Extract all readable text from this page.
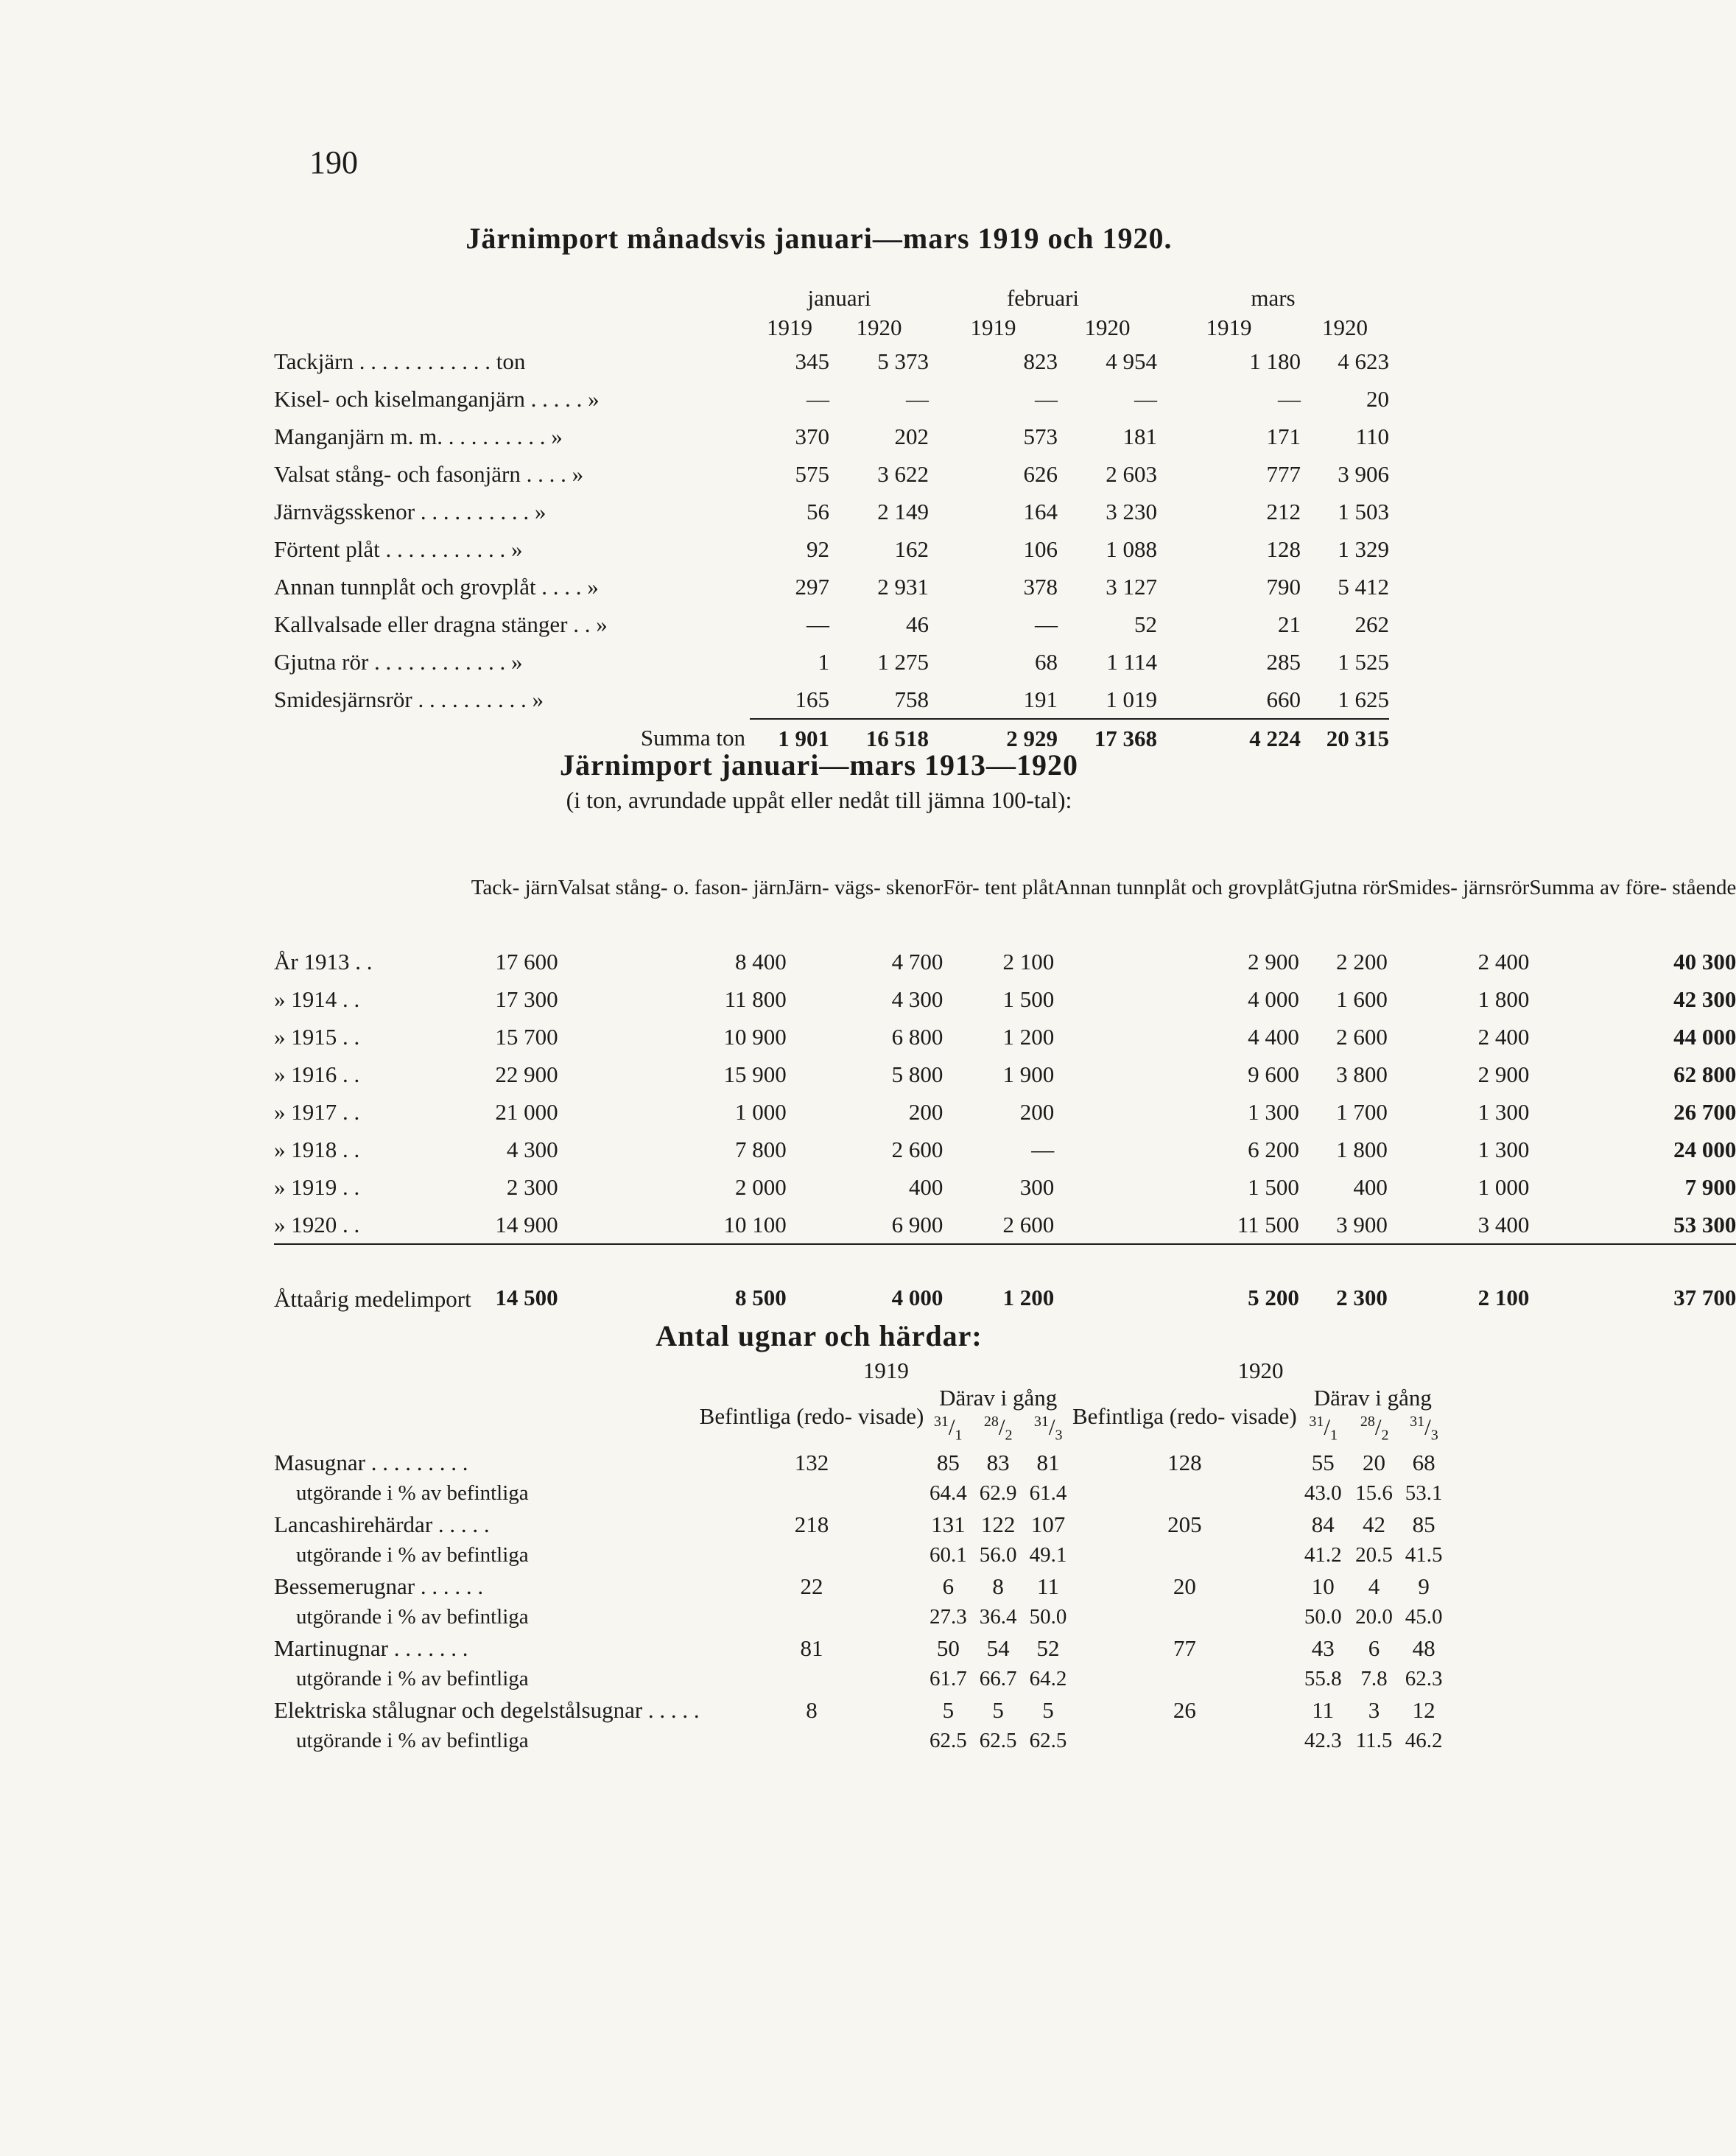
190
Järnimport månadsvis januari—mars 1919 och 1920.
	januari		februari		mars	
	1919	1920	1919	1920	1919	1920
Tackjärn . . . . . . . . . . . . ton	345	5 373	823	4 954	1 180	4 623
Kisel- och kiselmanganjärn . . . . . »	—	—	—	—	—	20
Manganjärn m. m. . . . . . . . . . »	370	202	573	181	171	110
Valsat stång- och fasonjärn . . . . »	575	3 622	626	2 603	777	3 906
Järnvägsskenor . . . . . . . . . . »	56	2 149	164	3 230	212	1 503
Förtent plåt . . . . . . . . . . . »	92	162	106	1 088	128	1 329
Annan tunnplåt och grovplåt . . . . »	297	2 931	378	3 127	790	5 412
Kallvalsade eller dragna stänger . . »	—	46	—	52	21	262
Gjutna rör . . . . . . . . . . . . »	1	1 275	68	1 114	285	1 525
Smidesjärnsrör . . . . . . . . . . »	165	758	191	1 019	660	1 625
Summa ton	1 901	16 518	2 929	17 368	4 224	20 315
Järnimport januari—mars 1913—1920
(i ton, avrundade uppåt eller nedåt till jämna 100-tal):
	Tack- järn	Valsat stång- o. fason- järn	Järn- vägs- skenor	För- tent plåt	Annan tunnplåt och grovplåt	Gjutna rör	Smides- järnsrör	Summa av före- stående
År 1913 . .	17 600	8 400	4 700	2 100	2 900	2 200	2 400	40 300
» 1914 . .	17 300	11 800	4 300	1 500	4 000	1 600	1 800	42 300
» 1915 . .	15 700	10 900	6 800	1 200	4 400	2 600	2 400	44 000
» 1916 . .	22 900	15 900	5 800	1 900	9 600	3 800	2 900	62 800
» 1917 . .	21 000	1 000	200	200	1 300	1 700	1 300	26 700
» 1918 . .	4 300	7 800	2 600	—	6 200	1 800	1 300	24 000
» 1919 . .	2 300	2 000	400	300	1 500	400	1 000	7 900
» 1920 . .	14 900	10 100	6 900	2 600	11 500	3 900	3 400	53 300
Åttaårig medelimport	14 500	8 500	4 000	1 200	5 200	2 300	2 100	37 700
Antal ugnar och härdar:
	1919	1920
	Befintliga (redo- visade)	
Därav i gång
$^{31}/_1$	$^{28}/_2$	$^{31}/_3$
	Befintliga (redo- visade)	
Därav i gång
$^{31}/_1$	$^{28}/_2$	$^{31}/_3$

Masugnar . . . . . . . . .	132	85	83	81	128	55	20	68
utgörande i % av befintliga		64.4	62.9	61.4		43.0	15.6	53.1
Lancashirehärdar . . . . .	218	131	122	107	205	84	42	85
utgörande i % av befintliga		60.1	56.0	49.1		41.2	20.5	41.5
Bessemerugnar . . . . . .	22	6	8	11	20	10	4	9
utgörande i % av befintliga		27.3	36.4	50.0		50.0	20.0	45.0
Martinugnar . . . . . . .	81	50	54	52	77	43	6	48
utgörande i % av befintliga		61.7	66.7	64.2		55.8	7.8	62.3
Elektriska stålugnar och degelstålsugnar . . . . .	8	5	5	5	26	11	3	12
utgörande i % av befintliga		62.5	62.5	62.5		42.3	11.5	46.2
